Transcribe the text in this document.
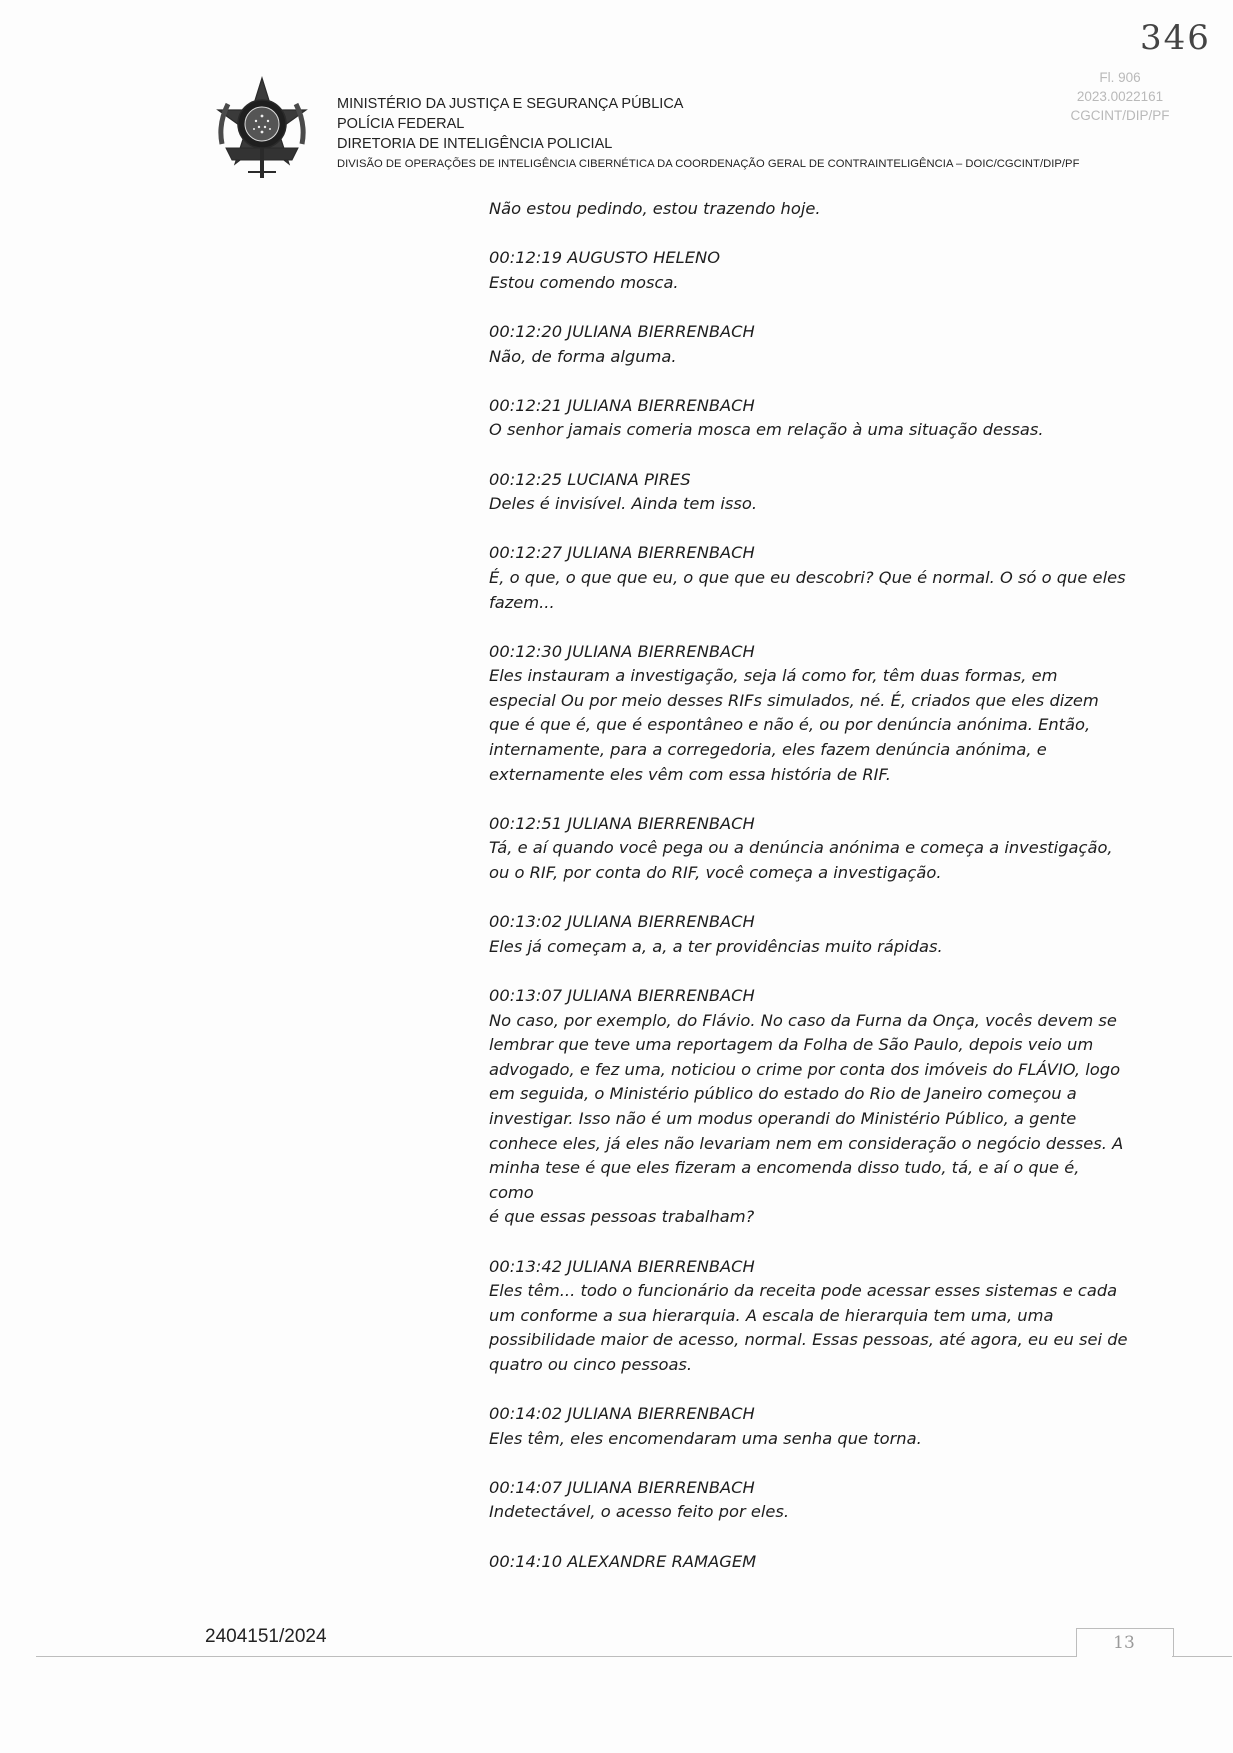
346
Fl. 906
2023.0022161
CGCINT/DIP/PF
MINISTÉRIO DA JUSTIÇA E SEGURANÇA PÚBLICA
POLÍCIA FEDERAL
DIRETORIA DE INTELIGÊNCIA POLICIAL
DIVISÃO DE OPERAÇÕES DE INTELIGÊNCIA CIBERNÉTICA DA COORDENAÇÃO GERAL DE CONTRAINTELIGÊNCIA – DOIC/CGCINT/DIP/PF
Não estou pedindo, estou trazendo hoje.
00:12:19 AUGUSTO HELENO
Estou comendo mosca.
00:12:20 JULIANA BIERRENBACH
Não, de forma alguma.
00:12:21 JULIANA BIERRENBACH
O senhor jamais comeria mosca em relação à uma situação dessas.
00:12:25 LUCIANA PIRES
Deles é invisível. Ainda tem isso.
00:12:27 JULIANA BIERRENBACH
É, o que, o que que eu, o que que eu descobri? Que é normal. O só o que eles
fazem...
00:12:30 JULIANA BIERRENBACH
Eles instauram a investigação, seja lá como for, têm duas formas, em
especial Ou por meio desses RIFs simulados, né. É, criados que eles dizem
que é que é, que é espontâneo e não é, ou por denúncia anónima. Então,
internamente, para a corregedoria, eles fazem denúncia anónima, e
externamente eles vêm com essa história de RIF.
00:12:51 JULIANA BIERRENBACH
Tá, e aí quando você pega ou a denúncia anónima e começa a investigação,
ou o RIF, por conta do RIF, você começa a investigação.
00:13:02 JULIANA BIERRENBACH
Eles já começam a, a, a ter providências muito rápidas.
00:13:07 JULIANA BIERRENBACH
No caso, por exemplo, do Flávio. No caso da Furna da Onça, vocês devem se
lembrar que teve uma reportagem da Folha de São Paulo, depois veio um
advogado, e fez uma, noticiou o crime por conta dos imóveis do FLÁVIO, logo
em seguida, o Ministério público do estado do Rio de Janeiro começou a
investigar. Isso não é um modus operandi do Ministério Público, a gente
conhece eles, já eles não levariam nem em consideração o negócio desses. A
minha tese é que eles fizeram a encomenda disso tudo, tá, e aí o que é, como
é que essas pessoas trabalham?
00:13:42 JULIANA BIERRENBACH
Eles têm... todo o funcionário da receita pode acessar esses sistemas e cada
um conforme a sua hierarquia. A escala de hierarquia tem uma, uma
possibilidade maior de acesso, normal. Essas pessoas, até agora, eu eu sei de
quatro ou cinco pessoas.
00:14:02 JULIANA BIERRENBACH
Eles têm, eles encomendaram uma senha que torna.
00:14:07 JULIANA BIERRENBACH
Indetectável, o acesso feito por eles.
00:14:10 ALEXANDRE RAMAGEM
2404151/2024	13
